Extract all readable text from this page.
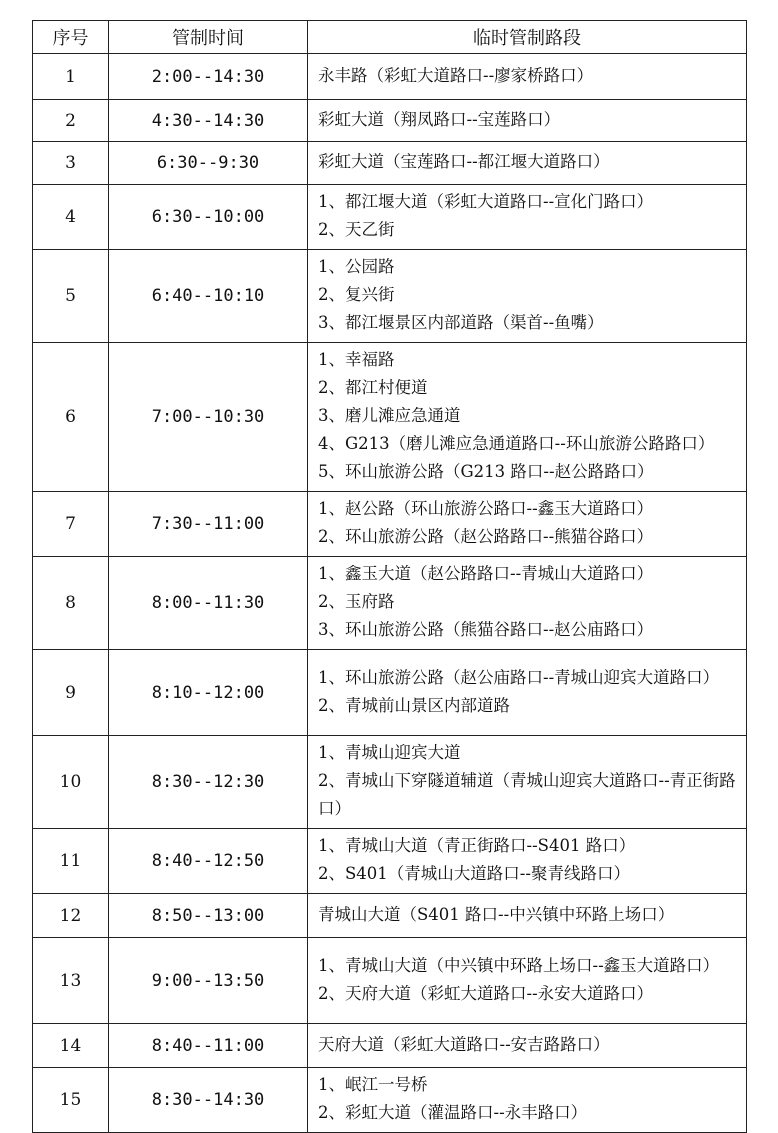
序号	管制时间	临时管制路段
1	2:00--14:30	永丰路（彩虹大道路口--廖家桥路口）

2	4:30--14:30	彩虹大道（翔凤路口--宝莲路口）

3	6:30--9:30	彩虹大道（宝莲路口--都江堰大道路口）

4	6:30--10:00	1、都江堰大道（彩虹大道路口--宣化门路口）
2、天乙街

5	6:40--10:10	1、公园路
2、复兴街
3、都江堰景区内部道路（渠首--鱼嘴）

6	7:00--10:30	1、幸福路
2、都江村便道
3、磨儿滩应急通道
4、G213（磨儿滩应急通道路口--环山旅游公路路口）
5、环山旅游公路（G213 路口--赵公路路口）

7	7:30--11:00	1、赵公路（环山旅游公路口--鑫玉大道路口）
2、环山旅游公路（赵公路路口--熊猫谷路口）

8	8:00--11:30	1、鑫玉大道（赵公路路口--青城山大道路口）
2、玉府路
3、环山旅游公路（熊猫谷路口--赵公庙路口）

9	8:10--12:00	1、环山旅游公路（赵公庙路口--青城山迎宾大道路口）
2、青城前山景区内部道路

10	8:30--12:30	1、青城山迎宾大道
2、青城山下穿隧道辅道（青城山迎宾大道路口--青正街路口）

11	8:40--12:50	1、青城山大道（青正街路口--S401 路口）
2、S401（青城山大道路口--聚青线路口）

12	8:50--13:00	青城山大道（S401 路口--中兴镇中环路上场口）

13	9:00--13:50	1、青城山大道（中兴镇中环路上场口--鑫玉大道路口）
2、天府大道（彩虹大道路口--永安大道路口）

14	8:40--11:00	天府大道（彩虹大道路口--安吉路路口）

15	8:30--14:30	1、岷江一号桥
2、彩虹大道（灌温路口--永丰路口）
